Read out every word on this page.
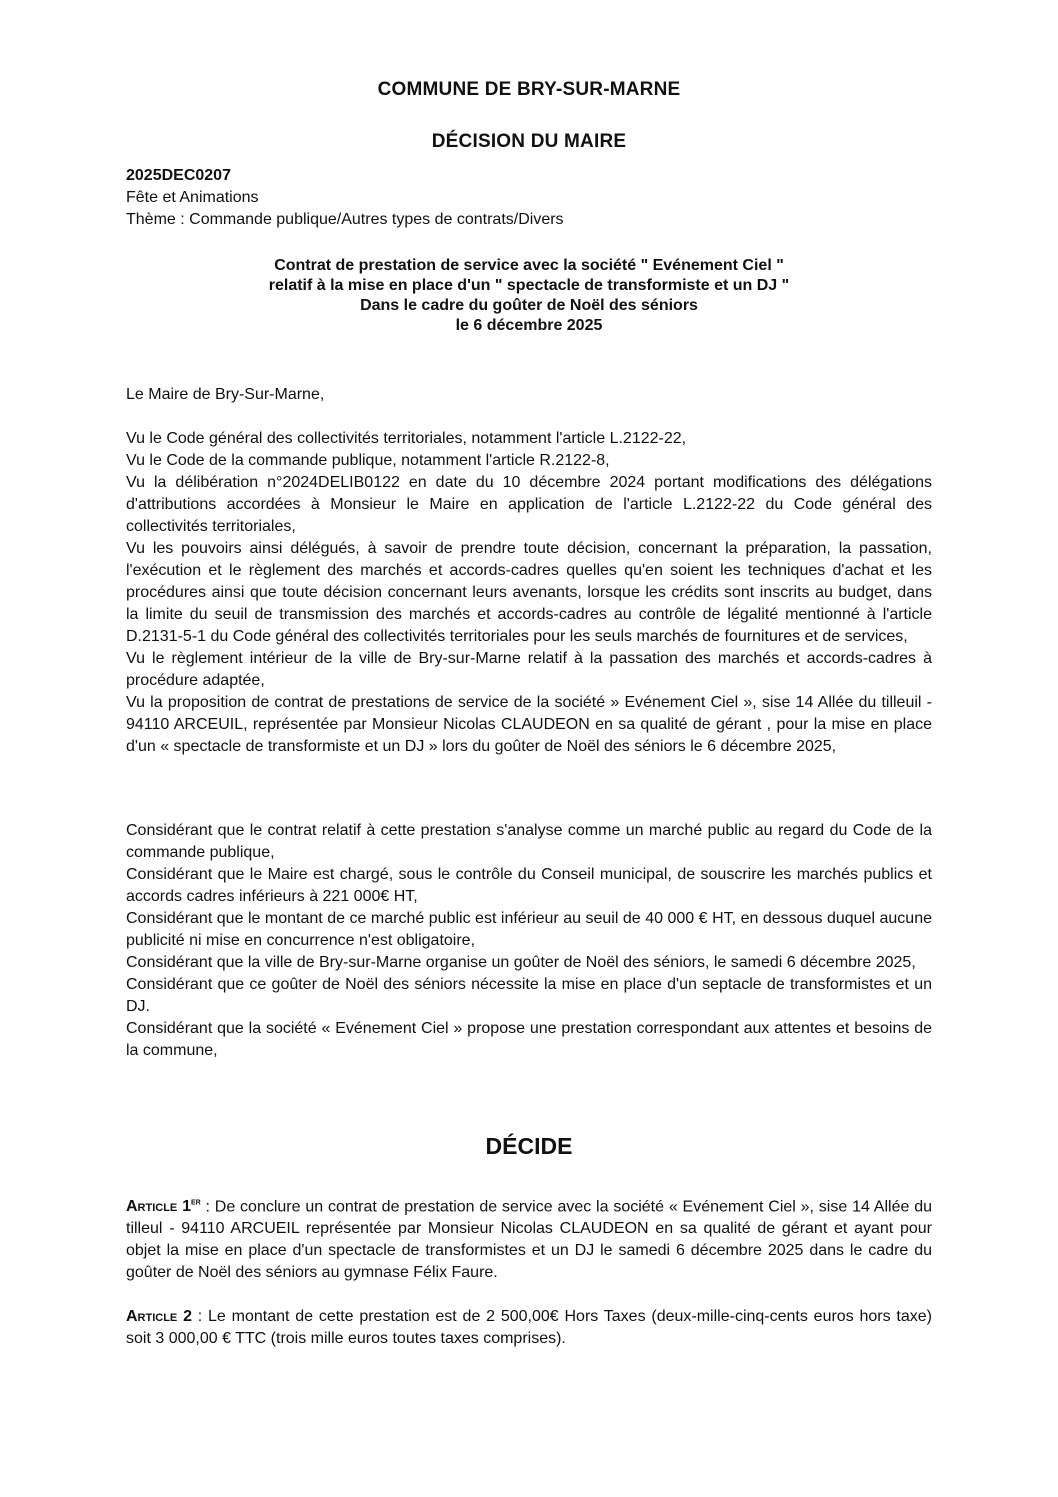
COMMUNE DE BRY-SUR-MARNE
DÉCISION DU MAIRE
2025DEC0207
Fête et Animations
Thème : Commande publique/Autres types de contrats/Divers
Contrat de prestation de service avec la société " Evénement Ciel "
relatif à la mise en place d'un " spectacle de transformiste et un DJ "
Dans le cadre du goûter de Noël des séniors
le 6 décembre 2025

Le Maire de Bry-Sur-Marne,

Vu le Code général des collectivités territoriales, notamment l'article L.2122-22,

Vu le Code de la commande publique, notamment l'article R.2122-8,

Vu la délibération n°2024DELIB0122 en date du 10 décembre 2024 portant modifications des délégations d'attributions accordées à Monsieur le Maire en application de l'article L.2122-22 du Code général des collectivités territoriales,

Vu les pouvoirs ainsi délégués, à savoir de prendre toute décision, concernant la préparation, la passation, l'exécution et le règlement des marchés et accords-cadres quelles qu'en soient les techniques d'achat et les procédures ainsi que toute décision concernant leurs avenants, lorsque les crédits sont inscrits au budget, dans la limite du seuil de transmission des marchés et accords-cadres au contrôle de légalité mentionné à l'article D.2131-5-1 du Code général des collectivités territoriales pour les seuls marchés de fournitures et de services,

Vu le règlement intérieur de la ville de Bry-sur-Marne relatif à la passation des marchés et accords-cadres à procédure adaptée,

Vu la proposition de contrat de prestations de service de la société » Evénement Ciel », sise 14 Allée du tilleuil - 94110 ARCEUIL, représentée par Monsieur Nicolas CLAUDEON en sa qualité de gérant , pour la mise en place d'un « spectacle de transformiste et un DJ » lors du goûter de Noël des séniors le 6 décembre 2025,

Considérant que le contrat relatif à cette prestation s'analyse comme un marché public au regard du Code de la commande publique,

Considérant que le Maire est chargé, sous le contrôle du Conseil municipal, de souscrire les marchés publics et accords cadres inférieurs à 221 000€ HT,

Considérant que le montant de ce marché public est inférieur au seuil de 40 000 € HT, en dessous duquel aucune publicité ni mise en concurrence n'est obligatoire,

Considérant que la ville de Bry-sur-Marne organise un goûter de Noël des séniors, le samedi 6 décembre 2025,

Considérant que ce goûter de Noël des séniors nécessite la mise en place d'un septacle de transformistes et un DJ.

Considérant que la société « Evénement Ciel » propose une prestation correspondant aux attentes et besoins de la commune,

DÉCIDE

Article 1er : De conclure un contrat de prestation de service avec la société « Evénement Ciel », sise 14 Allée du tilleul - 94110 ARCUEIL représentée par Monsieur Nicolas CLAUDEON en sa qualité de gérant et ayant pour objet la mise en place d'un spectacle de transformistes et un DJ le samedi 6 décembre 2025 dans le cadre du goûter de Noël des séniors au gymnase Félix Faure.

Article 2 : Le montant de cette prestation est de 2 500,00€ Hors Taxes (deux-mille-cinq-cents euros hors taxe) soit 3 000,00 € TTC (trois mille euros toutes taxes comprises).
